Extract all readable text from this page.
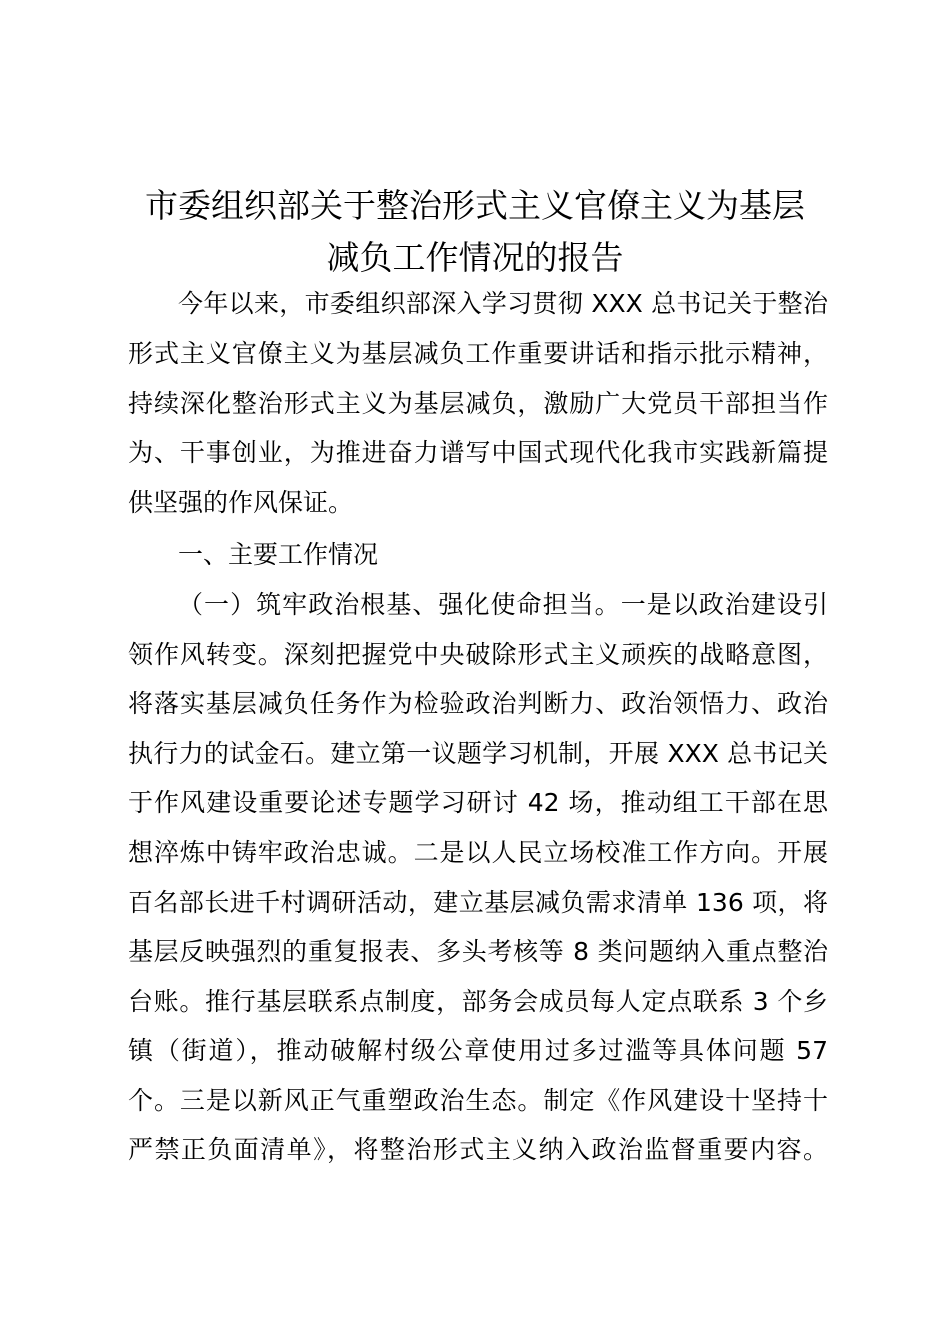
市委组织部关于整治形式主义官僚主义为基层
减负工作情况的报告
今年以来，市委组织部深入学习贯彻 XXX 总书记关于整治
形式主义官僚主义为基层减负工作重要讲话和指示批示精神，
持续深化整治形式主义为基层减负，激励广大党员干部担当作
为、干事创业，为推进奋力谱写中国式现代化我市实践新篇提
供坚强的作风保证。
一、主要工作情况
（一）筑牢政治根基、强化使命担当。一是以政治建设引
领作风转变。深刻把握党中央破除形式主义顽疾的战略意图，
将落实基层减负任务作为检验政治判断力、政治领悟力、政治
执行力的试金石。建立第一议题学习机制，开展 XXX 总书记关
于作风建设重要论述专题学习研讨 42 场，推动组工干部在思
想淬炼中铸牢政治忠诚。二是以人民立场校准工作方向。开展
百名部长进千村调研活动，建立基层减负需求清单 136 项，将
基层反映强烈的重复报表、多头考核等 8 类问题纳入重点整治
台账。推行基层联系点制度，部务会成员每人定点联系 3 个乡
镇（街道），推动破解村级公章使用过多过滥等具体问题 57
个。三是以新风正气重塑政治生态。制定《作风建设十坚持十
严禁正负面清单》，将整治形式主义纳入政治监督重要内容。
